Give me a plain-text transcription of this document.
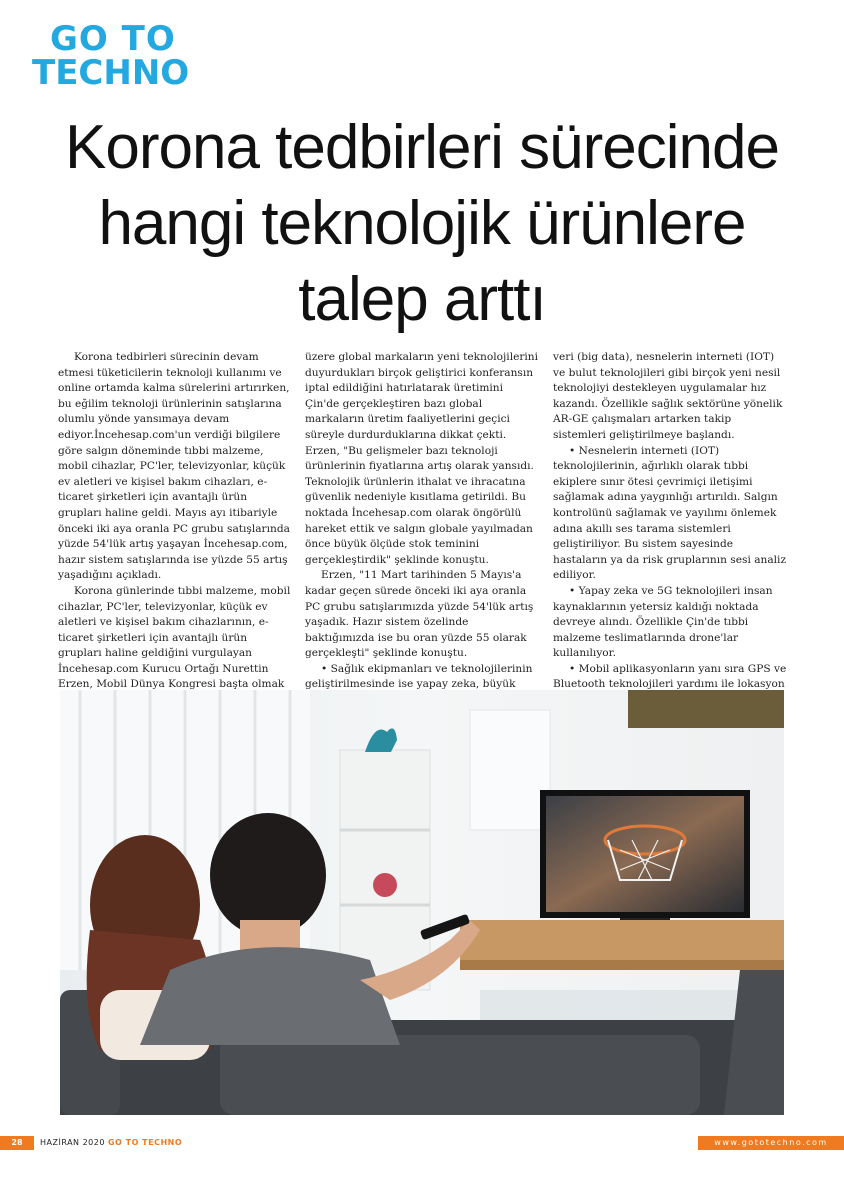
GO TO
TECHNO
Korona tedbirleri sürecinde hangi teknolojik ürünlere talep arttı

Korona tedbirleri sürecinin devam etmesi tüketicilerin teknoloji kullanımı ve online ortamda kalma sürelerini artırırken, bu eğilim teknoloji ürünlerinin satışlarına olumlu yönde yansımaya devam ediyor.İncehesap.com'un verdiği bilgilere göre salgın döneminde tıbbi malzeme, mobil cihazlar, PC'ler, televizyonlar, küçük ev aletleri ve kişisel bakım cihazları, e-ticaret şirketleri için avantajlı ürün grupları haline geldi. Mayıs ayı itibariyle önceki iki aya oranla PC grubu satışlarında yüzde 54'lük artış yaşayan İncehesap.com, hazır sistem satışlarında ise yüzde 55 artış yaşadığını açıkladı.

Korona günlerinde tıbbi malzeme, mobil cihazlar, PC'ler, televizyonlar, küçük ev aletleri ve kişisel bakım cihazlarının, e-ticaret şirketleri için avantajlı ürün grupları haline geldiğini vurgulayan İncehesap.com Kurucu Ortağı Nurettin Erzen, Mobil Dünya Kongresi başta olmak

üzere global markaların yeni teknolojilerini duyurdukları birçok geliştirici konferansın iptal edildiğini hatırlatarak üretimini Çin'de gerçekleştiren bazı global markaların üretim faaliyetlerini geçici süreyle durdurduklarına dikkat çekti. Erzen, "Bu gelişmeler bazı teknoloji ürünlerinin fiyatlarına artış olarak yansıdı. Teknolojik ürünlerin ithalat ve ihracatına güvenlik nedeniyle kısıtlama getirildi. Bu noktada İncehesap.com olarak öngörülü hareket ettik ve salgın globale yayılmadan önce büyük ölçüde stok teminini gerçekleştirdik" şeklinde konuştu.

Erzen, "11 Mart tarihinden 5 Mayıs'a kadar geçen sürede önceki iki aya oranla PC grubu satışlarımızda yüzde 54'lük artış yaşadık. Hazır sistem özelinde baktığımızda ise bu oran yüzde 55 olarak gerçekleşti" şeklinde konuştu.

• Sağlık ekipmanları ve teknolojilerinin geliştirilmesinde ise yapay zeka, büyük

veri (big data), nesnelerin interneti (IOT) ve bulut teknolojileri gibi birçok yeni nesil teknolojiyi destekleyen uygulamalar hız kazandı. Özellikle sağlık sektörüne yönelik AR-GE çalışmaları artarken takip sistemleri geliştirilmeye başlandı.

• Nesnelerin interneti (IOT) teknolojilerinin, ağırlıklı olarak tıbbi ekiplere sınır ötesi çevrimiçi iletişimi sağlamak adına yaygınlığı artırıldı. Salgın kontrolünü sağlamak ve yayılımı önlemek adına akıllı ses tarama sistemleri geliştiriliyor. Bu sistem sayesinde hastaların ya da risk gruplarının sesi analiz ediliyor.

• Yapay zeka ve 5G teknolojileri insan kaynaklarının yetersiz kaldığı noktada devreye alındı. Özellikle Çin'de tıbbi malzeme teslimatlarında drone'lar kullanılıyor.

• Mobil aplikasyonların yanı sıra GPS ve Bluetooth teknolojileri yardımı ile lokasyon

28	HAZİRAN 2020 GO TO TECHNO	www.gototechno.com
